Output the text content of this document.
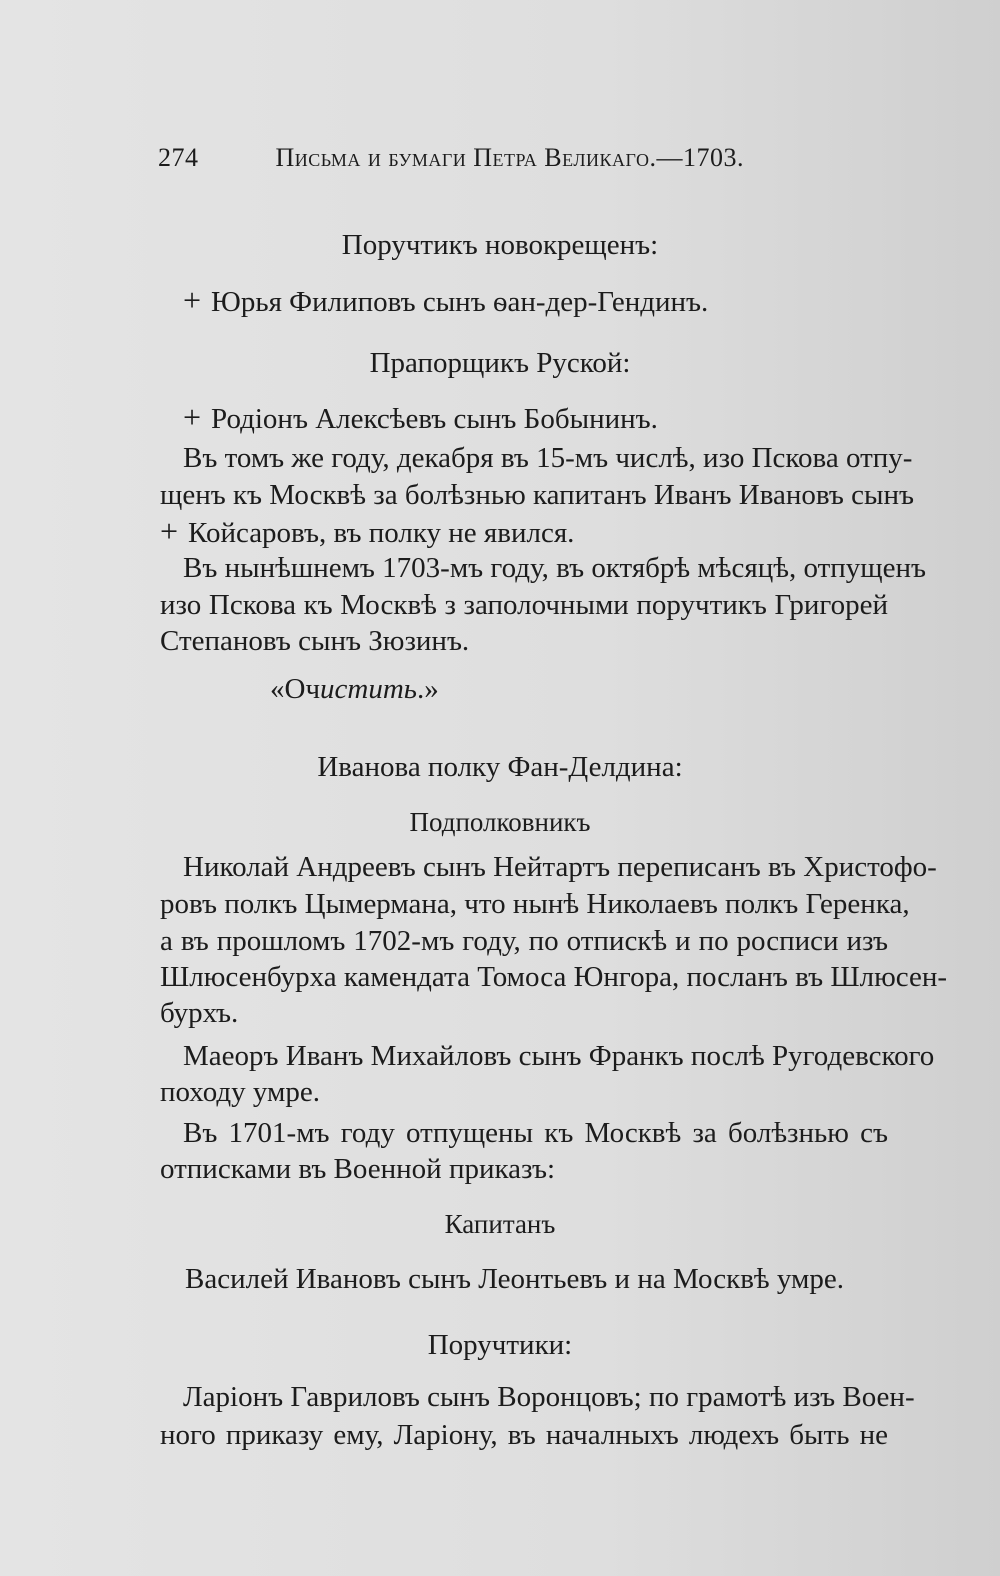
274	Письма и бумаги Петра Великаго.—1703.
Поручтикъ новокрещенъ:
+ Юрья Филиповъ сынъ ѳан-дер-Гендинъ.
Прапорщикъ Руской:
+ Родiонъ Алексѣевъ сынъ Бобынинъ.
Въ томъ же году, декабря въ 15-мъ числѣ, изо Пскова отпу-
щенъ къ Москвѣ за болѣзнью капитанъ Иванъ Ивановъ сынъ
+ Койсаровъ, въ полку не явился.
Въ нынѣшнемъ 1703-мъ году, въ октябрѣ мѣсяцѣ, отпущенъ
изо Пскова къ Москвѣ з заполочными поручтикъ Григорей
Степановъ сынъ Зюзинъ.
«Очистить.»
Иванова полку Фан-Делдина:
Подполковникъ
Николай Андреевъ сынъ Нейтартъ переписанъ въ Христофо-
ровъ полкъ Цымермана, что нынѣ Николаевъ полкъ Геренка,
а въ прошломъ 1702-мъ году, по отпискѣ и по росписи изъ
Шлюсенбурха камендата Томоса Юнгора, посланъ въ Шлюсен-
бурхъ.
Маеоръ Иванъ Михайловъ сынъ Франкъ послѣ Ругодевского
походу умре.
Въ 1701-мъ году отпущены къ Москвѣ за болѣзнью съ
отписками въ Военной приказъ:
Капитанъ
Василей Ивановъ сынъ Леонтьевъ и на Москвѣ умре.
Поручтики:
Ларiонъ Гавриловъ сынъ Воронцовъ; по грамотѣ изъ Воен-
ного приказу ему, Ларiону, въ началныхъ людехъ быть не
